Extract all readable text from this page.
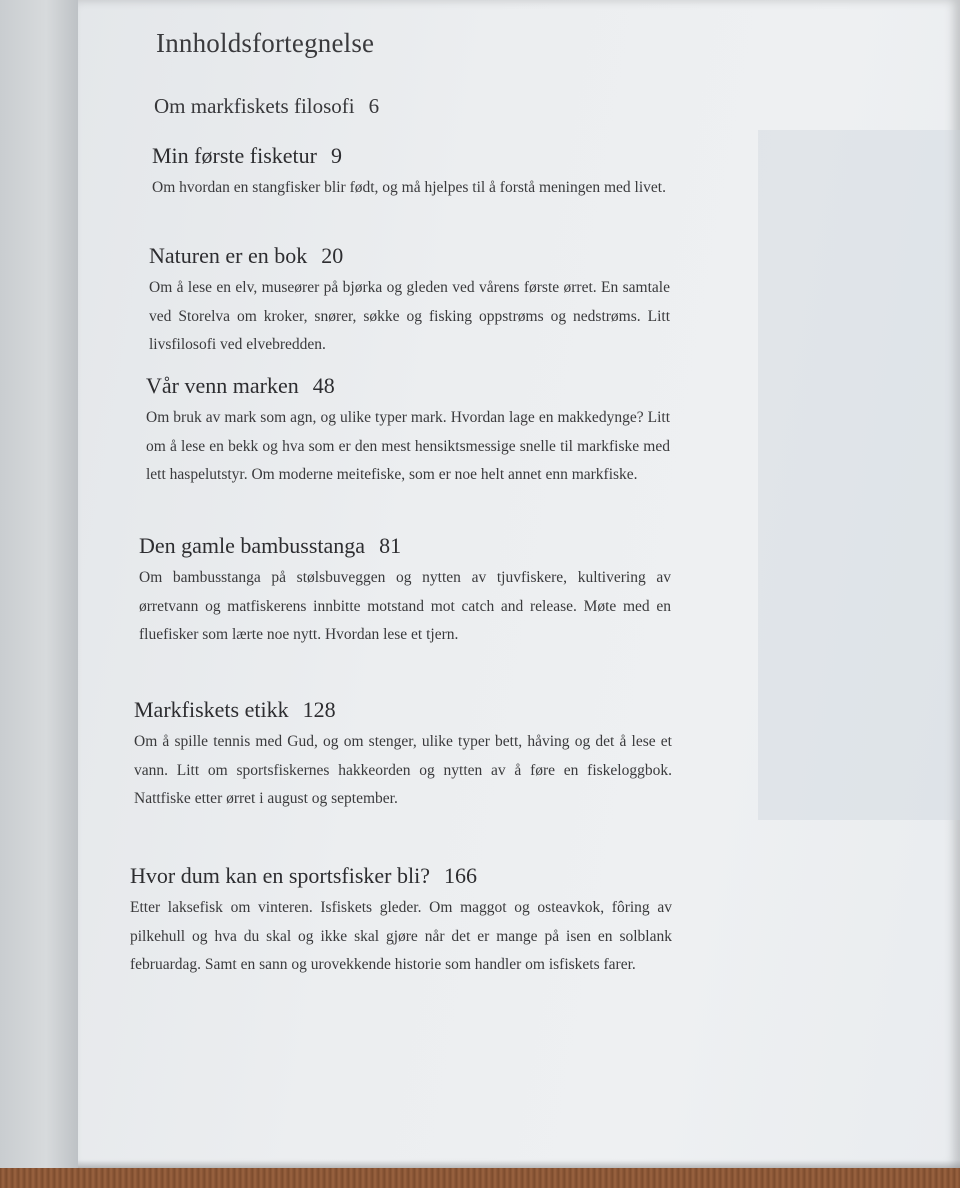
Innholdsfortegnelse
Om markfiskets filosofi 6
Min første fisketur 9
Om hvordan en stangfisker blir født, og må hjelpes til å forstå meningen med livet.
Naturen er en bok 20
Om å lese en elv, museører på bjørka og gleden ved vårens første ørret. En samtale ved Storelva om kroker, snører, søkke og fisking oppstrøms og nedstrøms. Litt livsfilosofi ved elvebredden.
Vår venn marken 48
Om bruk av mark som agn, og ulike typer mark. Hvordan lage en makkedynge? Litt om å lese en bekk og hva som er den mest hensiktsmessige snelle til markfiske med lett haspelutstyr. Om moderne meitefiske, som er noe helt annet enn markfiske.
Den gamle bambusstanga 81
Om bambusstanga på stølsbuveggen og nytten av tjuvfiskere, kultivering av ørretvann og matfiskerens innbitte motstand mot catch and release. Møte med en fluefisker som lærte noe nytt. Hvordan lese et tjern.
Markfiskets etikk 128
Om å spille tennis med Gud, og om stenger, ulike typer bett, håving og det å lese et vann. Litt om sportsfiskernes hakkeorden og nytten av å føre en fiskeloggbok. Nattfiske etter ørret i august og september.
Hvor dum kan en sportsfisker bli? 166
Etter laksefisk om vinteren. Isfiskets gleder. Om maggot og osteavkok, fôring av pilkehull og hva du skal og ikke skal gjøre når det er mange på isen en solblank februardag. Samt en sann og urovekkende historie som handler om isfiskets farer.
